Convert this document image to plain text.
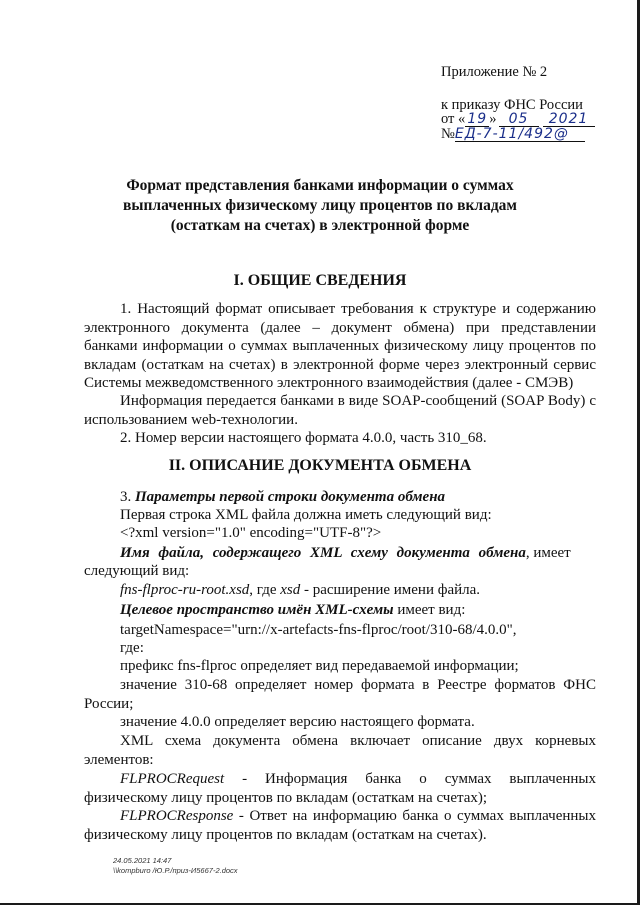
Приложение № 2
к приказу ФНС России
от « 19 » 05 2021
№ЕД-7-11/492@
Формат представления банками информации о суммах выплаченных физическому лицу процентов по вкладам (остаткам на счетах) в электронной форме
I. ОБЩИЕ СВЕДЕНИЯ
1. Настоящий формат описывает требования к структуре и содержанию электронного документа (далее – документ обмена) при представлении банками информации о суммах выплаченных физическому лицу процентов по вкладам (остаткам на счетах) в электронной форме через электронный сервис Системы межведомственного электронного взаимодействия (далее - СМЭВ)
Информация передается банками в виде SOAP-сообщений (SOAP Body) с использованием web-технологии.
2. Номер версии настоящего формата 4.0.0, часть 310_68.
II. ОПИСАНИЕ ДОКУМЕНТА ОБМЕНА
3. Параметры первой строки документа обмена
Первая строка XML файла должна иметь следующий вид:
<?xml version="1.0" encoding="UTF-8"?>
Имя файла, содержащего XML схему документа обмена, имеет
следующий вид:
fns-flproc-ru-root.xsd, где xsd - расширение имени файла.
Целевое пространство имён XML-схемы имеет вид:
targetNamespace="urn://x-artefacts-fns-flproc/root/310-68/4.0.0",
где:
префикс fns-flproc определяет вид передаваемой информации;
значение 310-68 определяет номер формата в Реестре форматов ФНС России;
значение 4.0.0 определяет версию настоящего формата.
XML схема документа обмена включает описание двух корневых элементов:
FLPROCRequest - Информация банка о суммах выплаченных физическому лицу процентов по вкладам (остаткам на счетах);
FLPROCResponse - Ответ на информацию банка о суммах выплаченных физическому лицу процентов по вкладам (остаткам на счетах).
24.05.2021 14:47
\\kompburo /Ю.Р./приз-И5667-2.docx
